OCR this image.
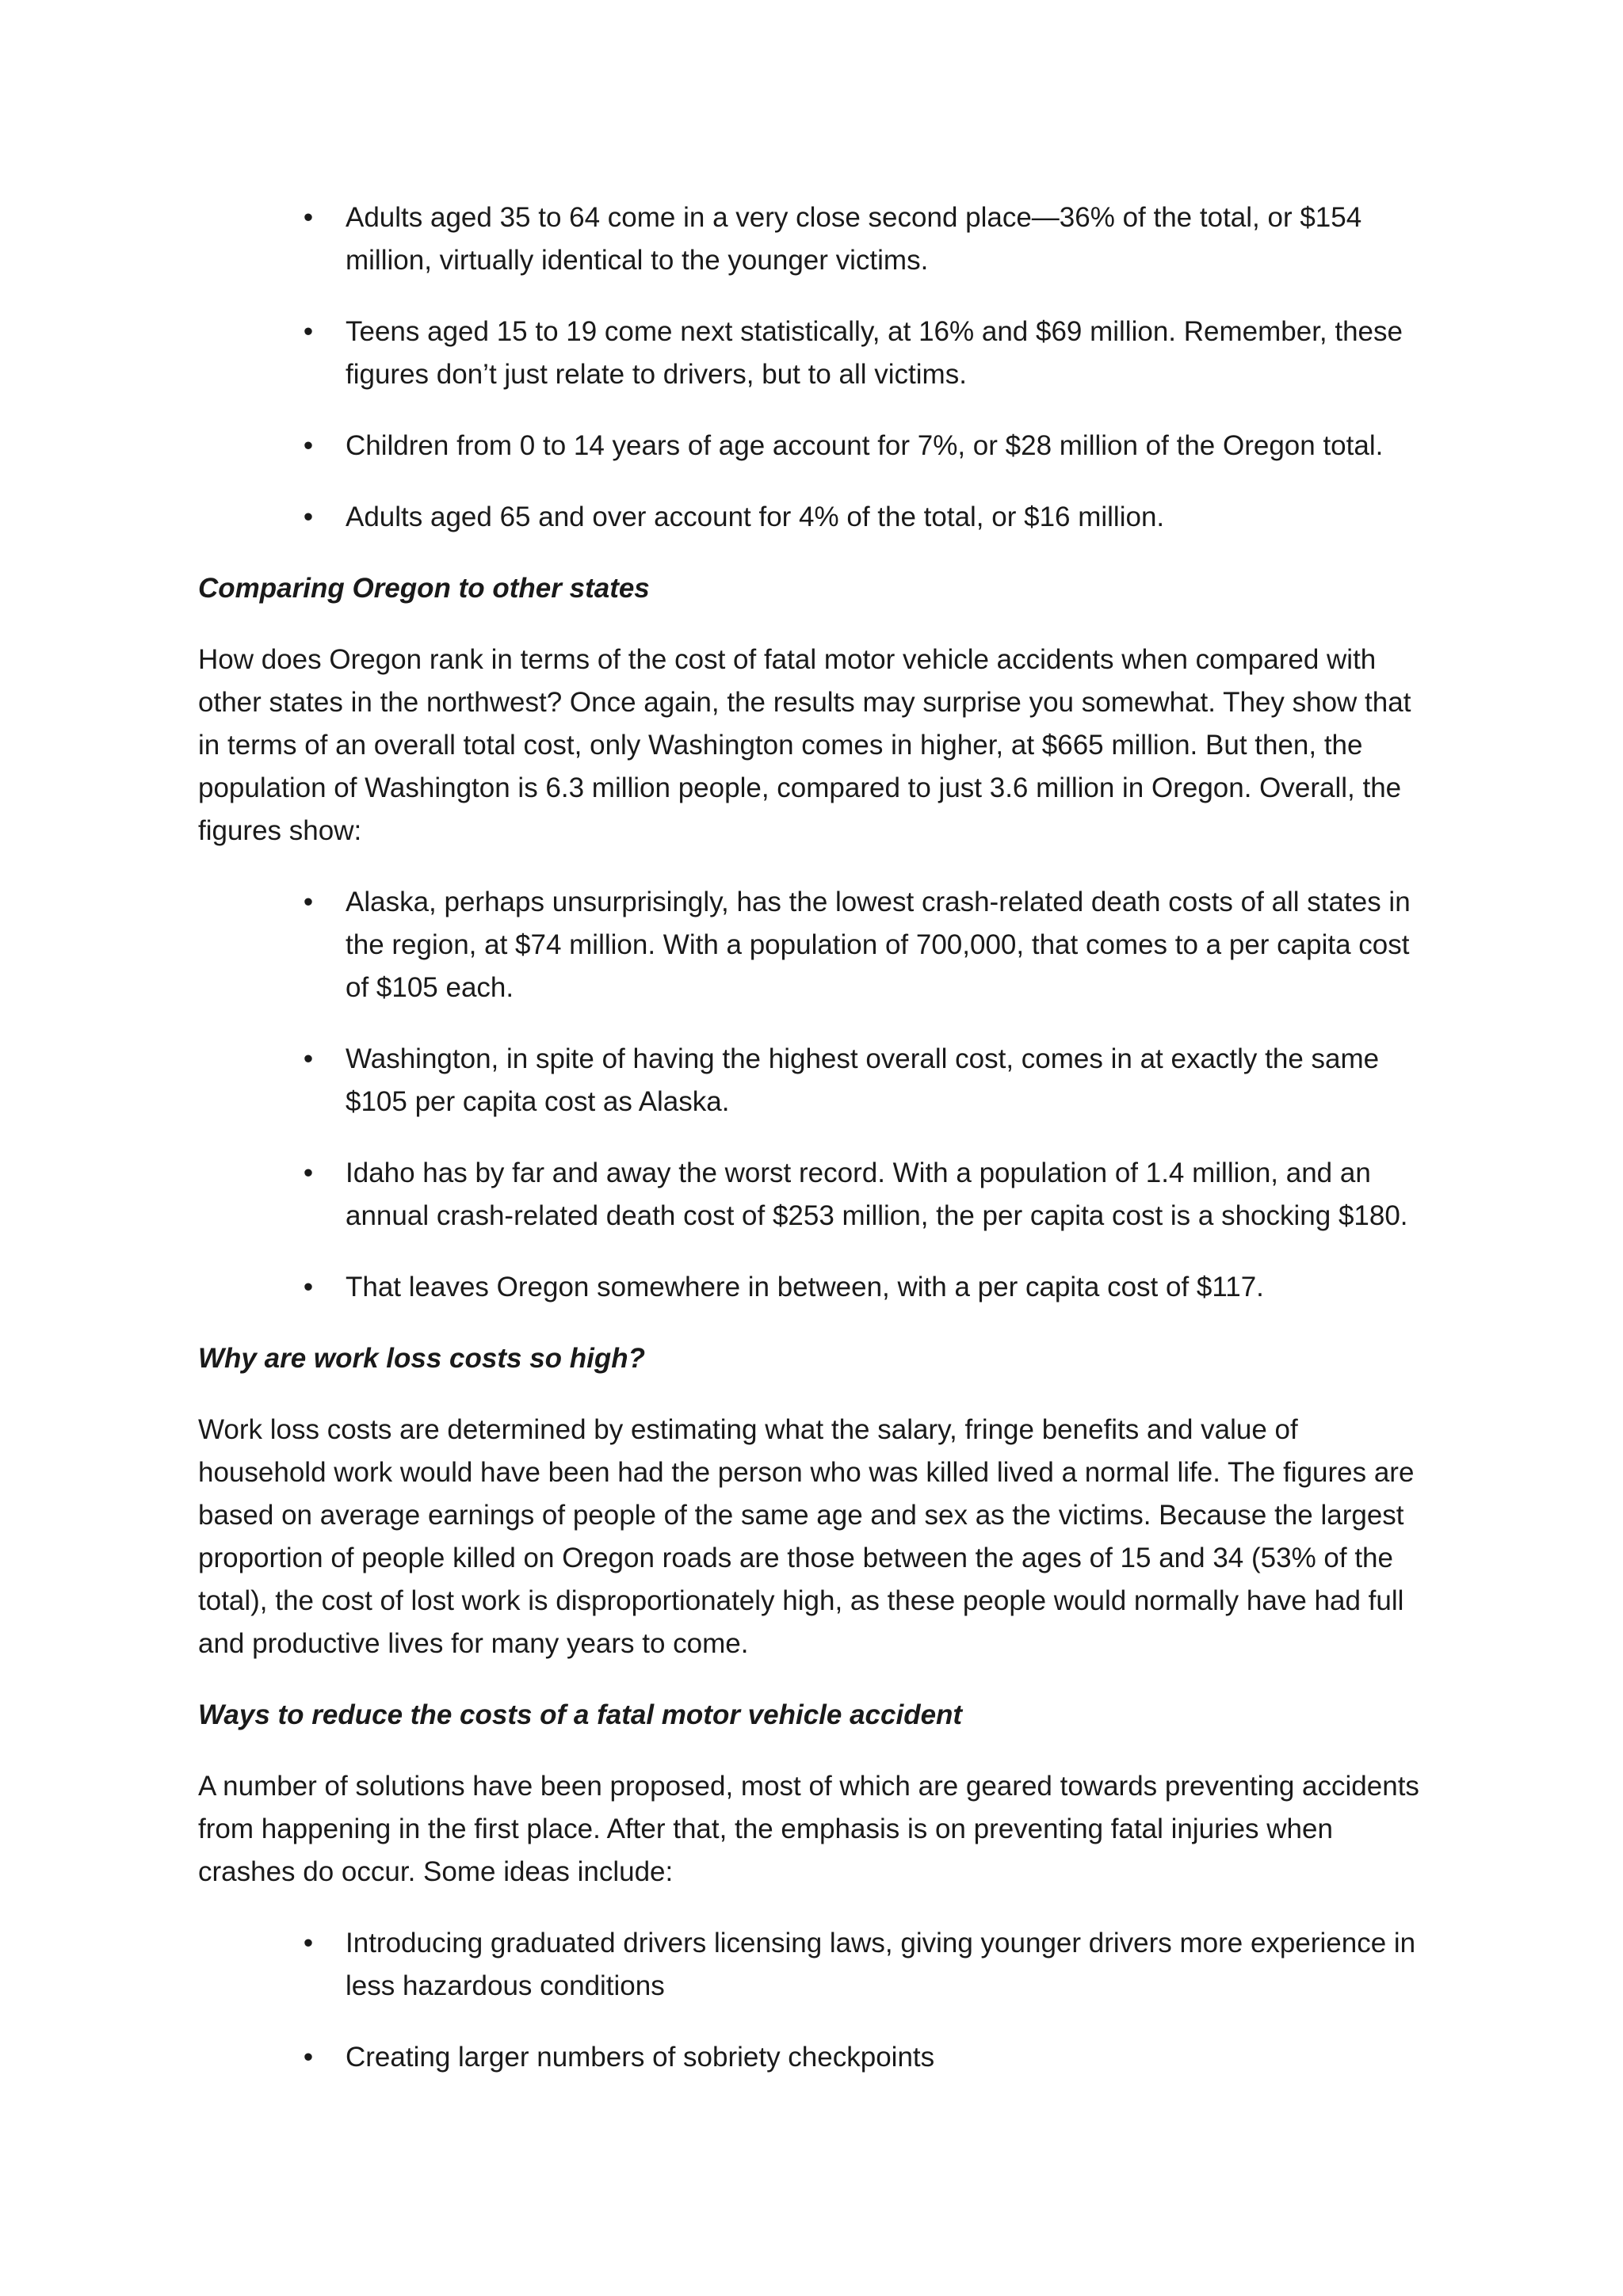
• Adults aged 35 to 64 come in a very close second place—36% of the total, or $154 million, virtually identical to the younger victims.
• Teens aged 15 to 19 come next statistically, at 16% and $69 million. Remember, these figures don’t just relate to drivers, but to all victims.
• Children from 0 to 14 years of age account for 7%, or $28 million of the Oregon total.
• Adults aged 65 and over account for 4% of the total, or $16 million.
Comparing Oregon to other states

How does Oregon rank in terms of the cost of fatal motor vehicle accidents when compared with other states in the northwest? Once again, the results may surprise you somewhat. They show that in terms of an overall total cost, only Washington comes in higher, at $665 million. But then, the population of Washington is 6.3 million people, compared to just 3.6 million in Oregon. Overall, the figures show:

• Alaska, perhaps unsurprisingly, has the lowest crash-related death costs of all states in the region, at $74 million. With a population of 700,000, that comes to a per capita cost of $105 each.
• Washington, in spite of having the highest overall cost, comes in at exactly the same $105 per capita cost as Alaska.
• Idaho has by far and away the worst record. With a population of 1.4 million, and an annual crash-related death cost of $253 million, the per capita cost is a shocking $180.
• That leaves Oregon somewhere in between, with a per capita cost of $117.
Why are work loss costs so high?

Work loss costs are determined by estimating what the salary, fringe benefits and value of household work would have been had the person who was killed lived a normal life. The figures are based on average earnings of people of the same age and sex as the victims. Because the largest proportion of people killed on Oregon roads are those between the ages of 15 and 34 (53% of the total), the cost of lost work is disproportionately high, as these people would normally have had full and productive lives for many years to come.

Ways to reduce the costs of a fatal motor vehicle accident

A number of solutions have been proposed, most of which are geared towards preventing accidents from happening in the first place. After that, the emphasis is on preventing fatal injuries when crashes do occur. Some ideas include:

• Introducing graduated drivers licensing laws, giving younger drivers more experience in less hazardous conditions
• Creating larger numbers of sobriety checkpoints
